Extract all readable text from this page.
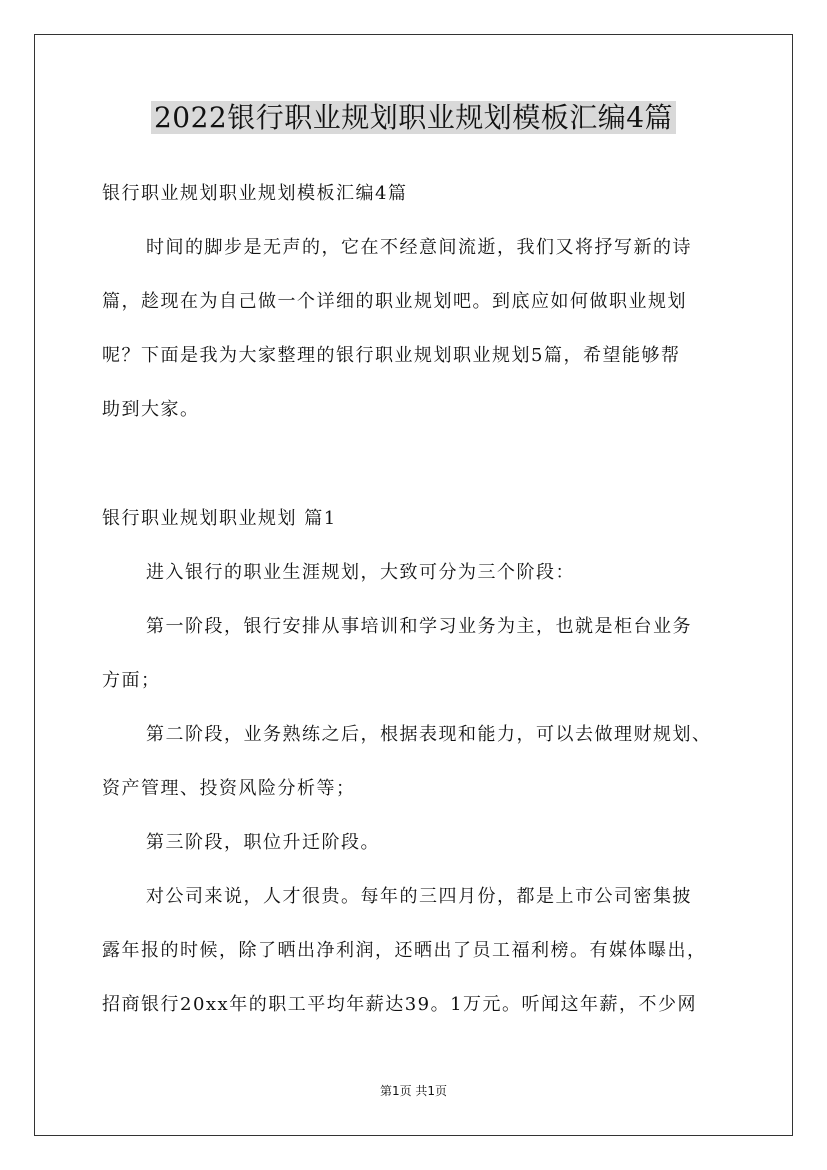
2022银行职业规划职业规划模板汇编4篇
银行职业规划职业规划模板汇编4篇
时间的脚步是无声的，它在不经意间流逝，我们又将抒写新的诗
篇，趁现在为自己做一个详细的职业规划吧。到底应如何做职业规划
呢？下面是我为大家整理的银行职业规划职业规划5篇，希望能够帮
助到大家。
银行职业规划职业规划 篇1
进入银行的职业生涯规划，大致可分为三个阶段：
第一阶段，银行安排从事培训和学习业务为主，也就是柜台业务
方面；
第二阶段，业务熟练之后，根据表现和能力，可以去做理财规划、
资产管理、投资风险分析等；
第三阶段，职位升迁阶段。
对公司来说，人才很贵。每年的三四月份，都是上市公司密集披
露年报的时候，除了晒出净利润，还晒出了员工福利榜。有媒体曝出，
招商银行20xx年的职工平均年薪达39。1万元。听闻这年薪，不少网
第1页 共1页
